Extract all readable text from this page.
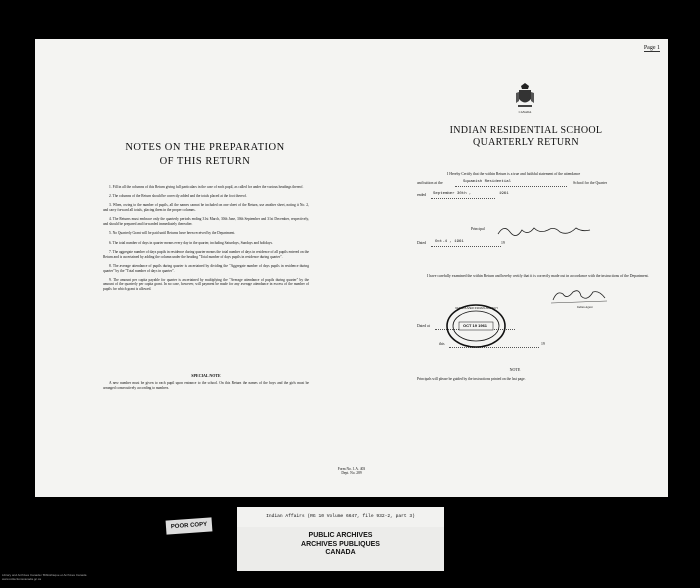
Page 1
NOTES ON THE PREPARATION
OF THIS RETURN

1. Fill in all the columns of this Return giving full particulars in the case of each pupil, as called for under the various headings thereof.

2. The columns of the Return should be correctly added and the totals placed at the foot thereof.

3. When, owing to the number of pupils, all the names cannot be included on one sheet of the Return, use another sheet, noting it No. 2, and carry forward all totals, placing them in the proper columns.

4. The Returns must embrace only the quarterly periods ending 31st March, 30th June, 30th September and 31st December, respectively, and should be prepared and forwarded immediately thereafter.

5. No Quarterly Grant will be paid until Returns have been received by the Department.

6. The total number of days in quarter means every day in the quarter, including Saturdays, Sundays and holidays.

7. The aggregate number of days pupils in residence during quarter means the total number of days in residence of all pupils entered on the Return and is ascertained by adding the column under the heading "Total number of days pupils in residence during quarter".

8. The average attendance of pupils during quarter is ascertained by dividing the "Aggregate number of days pupils in residence during quarter" by the "Total number of days in quarter".

9. The amount per capita payable for quarter is ascertained by multiplying the "Average attendance of pupils during quarter" by the amount of the quarterly per capita grant. In no case, however, will payment be made for any average attendance in excess of the number of pupils for which grant is allowed.

SPECIAL NOTE
A new number must be given to each pupil upon entrance to the school. On this Return the names of the boys and the girls must be arranged consecutively according to numbers.
CANADA
INDIAN RESIDENTIAL SCHOOL
QUARTERLY RETURN
I Hereby Certify that the within Return is a true and faithful statement of the attendance
and tuition at the	Squamish Residential	School for the Quarter
ended September 30th ,	1961
Principal
Dated Oct.4 , 1961	19
I have carefully examined the within Return and hereby certify that it is correctly made out in accordance with the instructions of the Department.
Indian Agent
Dated at
this	19
VANCOUVER INDIAN AGENCY
OCT 19 1961
NOTE
Principals will please be guided by the instructions printed on the last page.
Form No. I. A. 403
Dept. No. 289
Indian Affairs (RG 10 Volume 6647, file 932-2, part 3)
PUBLIC ARCHIVES
ARCHIVES PUBLIQUES
CANADA
POOR COPY
Library and Archives Canada / Bibliothèque et Archives Canada
www.collectionscanada.gc.ca
